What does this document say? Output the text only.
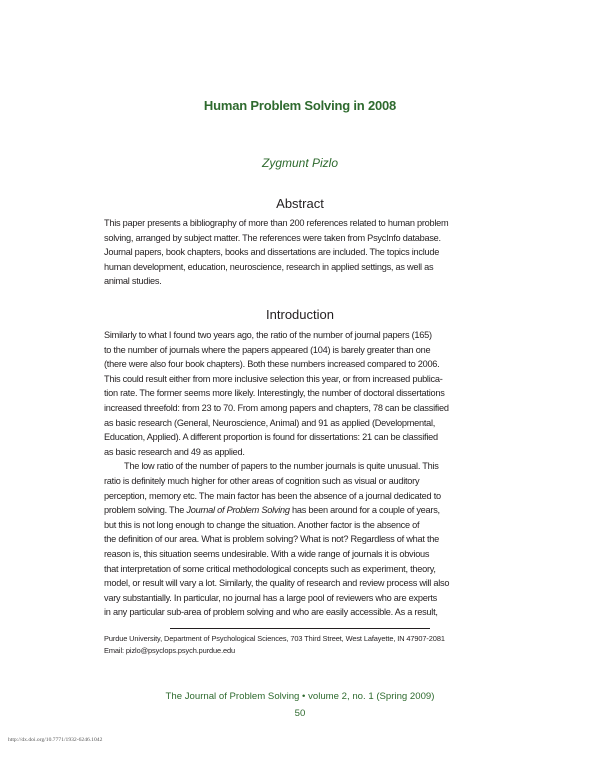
Human Problem Solving in 2008
Zygmunt Pizlo
Abstract
This paper presents a bibliography of more than 200 references related to human problem
solving, arranged by subject matter. The references were taken from PsycInfo database.
Journal papers, book chapters, books and dissertations are included. The topics include
human development, education, neuroscience, research in applied settings, as well as
animal studies.
Introduction
Similarly to what I found two years ago, the ratio of the number of journal papers (165)
to the number of journals where the papers appeared (104) is barely greater than one
(there were also four book chapters). Both these numbers increased compared to 2006.
This could result either from more inclusive selection this year, or from increased publica-
tion rate. The former seems more likely. Interestingly, the number of doctoral dissertations
increased threefold: from 23 to 70. From among papers and chapters, 78 can be classified
as basic research (General, Neuroscience, Animal) and 91 as applied (Developmental,
Education, Applied). A different proportion is found for dissertations: 21 can be classified
as basic research and 49 as applied.
The low ratio of the number of papers to the number journals is quite unusual. This
ratio is definitely much higher for other areas of cognition such as visual or auditory
perception, memory etc. The main factor has been the absence of a journal dedicated to
problem solving. The Journal of Problem Solving has been around for a couple of years,
but this is not long enough to change the situation. Another factor is the absence of
the definition of our area. What is problem solving? What is not? Regardless of what the
reason is, this situation seems undesirable. With a wide range of journals it is obvious
that interpretation of some critical methodological concepts such as experiment, theory,
model, or result will vary a lot. Similarly, the quality of research and review process will also
vary substantially. In particular, no journal has a large pool of reviewers who are experts
in any particular sub-area of problem solving and who are easily accessible. As a result,
Purdue University, Department of Psychological Sciences, 703 Third Street, West Lafayette, IN 47907-2081
Email: pizlo@psyclops.psych.purdue.edu
The Journal of Problem Solving • volume 2, no. 1 (Spring 2009)
50
http://dx.doi.org/10.7771/1932-6246.1042
